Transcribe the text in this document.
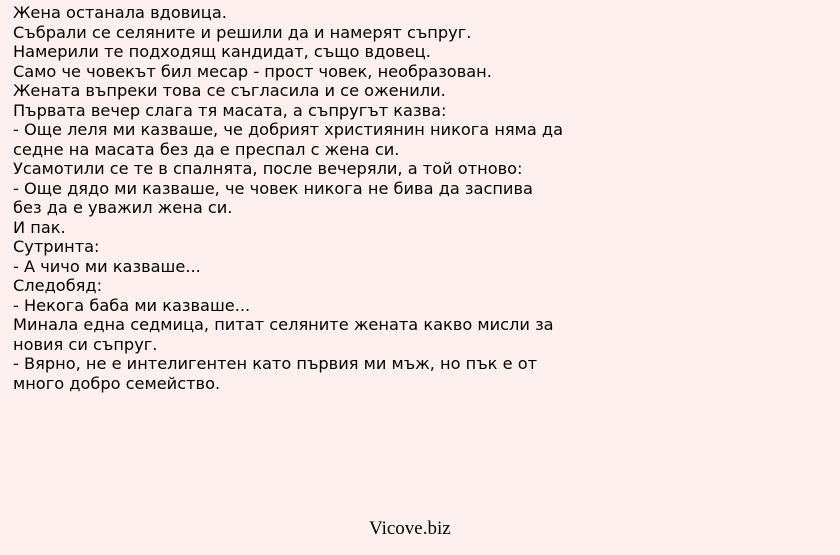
Жена останала вдовица.
Събрали се селяните и решили да и намерят съпруг.
Намерили те подходящ кандидат, също вдовец.
Само че човекът бил месар - прост човек, необразован.
Жената въпреки това се съгласила и се оженили.
Първата вечер слага тя масата, а съпругът казва:
- Още леля ми казваше, че добрият християнин никога няма да
седне на масата без да е преспал с жена си.
Усамотили се те в спалнята, после вечеряли, а той отново:
- Още дядо ми казваше, че човек никога не бива да заспива
без да е уважил жена си.
И пак.
Сутринта:
- А чичо ми казваше...
Следобяд:
- Некога баба ми казваше...
Минала една седмица, питат селяните жената какво мисли за
новия си съпруг.
- Вярно, не е интелигентен като първия ми мъж, но пък е от
много добро семейство.
Vicove.biz
